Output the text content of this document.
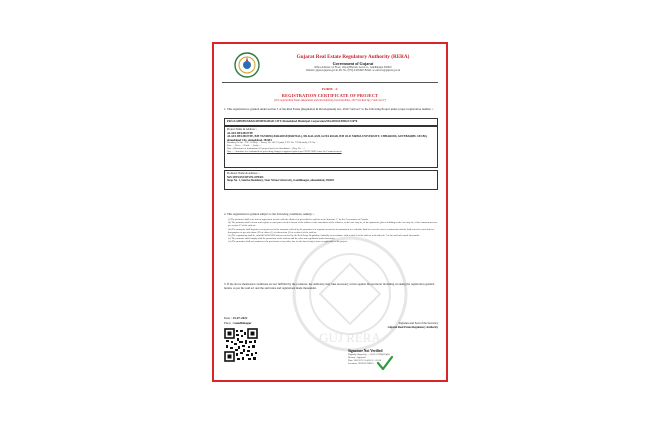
GUJ RERA
Gujarat Real Estate Regulatory Authority (RERA)
Government of Gujarat
Office Address: 1st Floor, Udyog Bhavan, Sector-11, Gandhinagar 382010
Website: gujrera.gujarat.gov.in, Ph. No. (079) 23254925 Email: ac-enforce@gujarat.gov.in
FORM - C
REGISTRATION CERTIFICATE OF PROJECT
[The Gujarat Real Estate (Regulation and Development) (General) Rules, 2017 See Rule 6(1) "and rule 6"]
1. This registration is granted under section 5 of the Real Estate (Regulation & Development) Act, 2016 "said act" to the following Project under project registration number :-
PR/GJ/AHMEDABAD/AHMEDABAD CITY/Ahmedabad Municipal Corporation/MAA09164/090621/31P70
Project Name & Address :-
ALAYA BELMONTE
ALAYA BELMONTE, B/H TANISHQ-PARADISE(PARTIAL), NR.KALASH, GOTA ROAD, B/H OLD NIRMA UNIVERSITY, CHHARODI, ADVEBAD(BU-SECBI), ahmedabad City, ahmedabad, 382481
Boundary Of Site : 1.8 / 2.8 Moje ... Survey No. 141/1/2 paiki, T.P.S. No. 77(Chharodi), F.P. No. ...
East : ... West : ... North : ... South : ...
Note : (Disclosure of information) 6.5 project land is in Ahmedabad ... (Reg. No. ...)
Note : ...Amenities level submitted for proceeding changes in approved plan as per GDCR/ SMC before the Commencement
Promoter Name & Address :-
M/S SHIVAM DEVELOPERS
Shop No. 1, Sunrise Residency, Near Nirma University, Gandhinagar, ahmedabad, 382481
2. This registration is granted subject to the following conditions, namely :-
(i) The promoter shall enter into an agreement for sale with the allottees as prescribed in said act in its Annexure 'C' by the Government of Gujarat.
(ii) The promoter shall execute and register a conveyance deed in favour of the allottee or the association of the allottees, as the case may be, of the apartment, plot or building as the case may be, of the common areas as per section 17 of the said act.
(iii) The promoter shall deposit seventy percent of the amounts realised by the promoter in a separate account to be maintained in a schedule bank to cover the cost of construction and the land cost to be used only for that purpose as per sub-clause (D) of clause (1) of sub-section (2) of section 4 of the said act.
(iv) The registration shall be valid till 30/06/2028 unless renewed by the Real Estate Regulatory Authority in accordance with section 6 of the said act read with rule 7 of the said rules made thereunder.
(v) The promoter shall comply with the provisions of the said act and the rules and regulations made thereunder.
(vi) The promoter shall not contravene the provisions of any other law for the time being in force as applicable to the project.
3. If the above mentioned conditions are not fulfilled by the promoter, the Authority may take necessary action against the promoter including revoking the registration granted herein, as per the said act and the said rules and regulations made thereunder.
Date : 15-07-2022
Place : Gandhinagar	Signature and Seal of the Secretary
Gujarat Real Estate Regulatory Authority
Signature Not Verified
Digitally Signed by ... (AUP_GNR)(JO)(B)
Reason : Approval
Date: 2022.07.15 14:02:51 +05:30
Location: GUJRAT RERA
